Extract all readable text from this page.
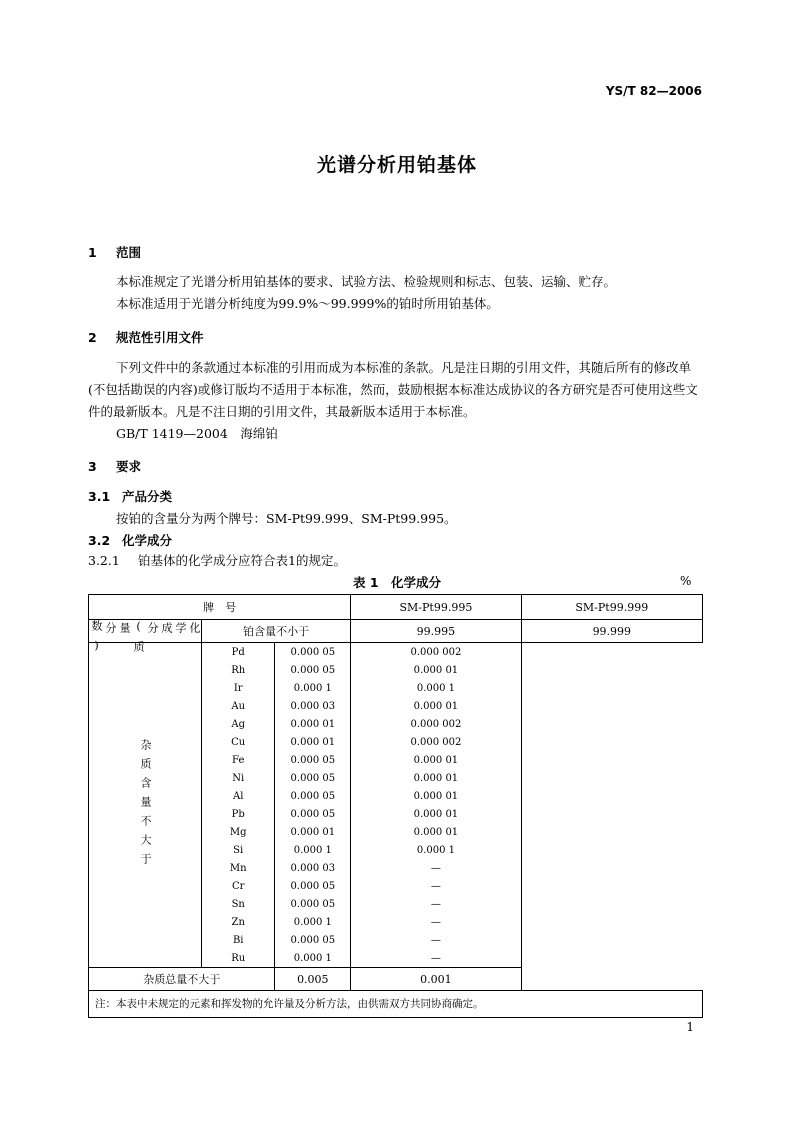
YS/T 82—2006
光谱分析用铂基体
1 范围
本标准规定了光谱分析用铂基体的要求、试验方法、检验规则和标志、包装、运输、贮存。
本标准适用于光谱分析纯度为99.9%～99.999%的铂时所用铂基体。
2 规范性引用文件
下列文件中的条款通过本标准的引用而成为本标准的条款。凡是注日期的引用文件，其随后所有的修改单(不包括勘误的内容)或修订版均不适用于本标准，然而，鼓励根据本标准达成协议的各方研究是否可使用这些文件的最新版本。凡是不注日期的引用文件，其最新版本适用于本标准。
GB/T 1419—2004　海绵铂
3 要求
3.1 产品分类
按铂的含量分为两个牌号：SM-Pt99.999、SM-Pt99.995。
3.2 化学成分
3.2.1 铂基体的化学成分应符合表1的规定。
表 1　化学成分	%
牌　号			SM-Pt99.995	SM-Pt99.999
化学成分(质量分数)	铂含量不小于		99.995	99.999
杂质含量不大于	Pd	0.000 05	0.000 002	
	Rh	0.000 05	0.000 01	
	Ir	0.000 1	0.000 1	
	Au	0.000 03	0.000 01	
	Ag	0.000 01	0.000 002	
	Cu	0.000 01	0.000 002	
	Fe	0.000 05	0.000 01	
	Ni	0.000 05	0.000 01	
	Al	0.000 05	0.000 01	
	Pb	0.000 05	0.000 01	
	Mg	0.000 01	0.000 01	
	Si	0.000 1	0.000 1	
	Mn	0.000 03	—	
	Cr	0.000 05	—	
	Sn	0.000 05	—	
	Zn	0.000 1	—	
	Bi	0.000 05	—	
	Ru	0.000 1	—	
杂质总量不大于		0.005	0.001	
注：本表中未规定的元素和挥发物的允许量及分析方法，由供需双方共同协商确定。				
1
